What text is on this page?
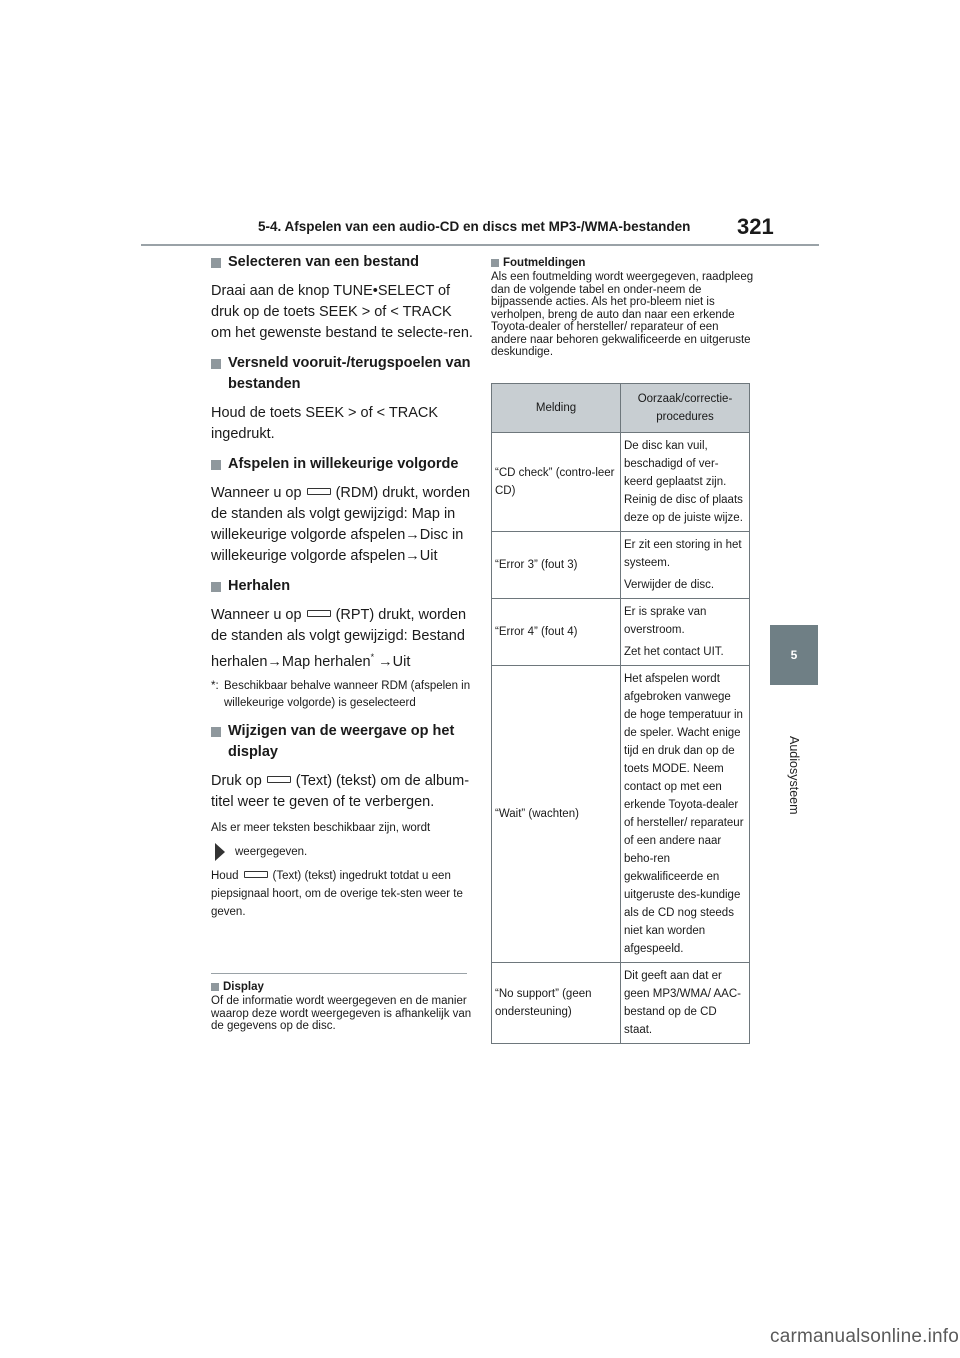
5-4. Afspelen van een audio-CD en discs met MP3-/WMA-bestanden 321
5
Audiosysteem
Selecteren van een bestand
Draai aan de knop TUNE•SELECT of druk op de toets SEEK > of < TRACK om het gewenste bestand te selecte-ren.
Versneld vooruit-/terugspoelen van bestanden
Houd de toets SEEK > of < TRACK ingedrukt.
Afspelen in willekeurige volgorde
Wanneer u op (RDM) drukt, worden de standen als volgt gewijzigd: Map in willekeurige volgorde afspelen→Disc in willekeurige volgorde afspelen→Uit
Herhalen
Wanneer u op (RPT) drukt, worden de standen als volgt gewijzigd: Bestand herhalen→Map herhalen* →Uit
*: Beschikbaar behalve wanneer RDM (afspelen in willekeurige volgorde) is geselecteerd
Wijzigen van de weergave op het display
Druk op (Text) (tekst) om de album-titel weer te geven of te verbergen.
Als er meer teksten beschikbaar zijn, wordt
weergegeven.
Houd	(Text) (tekst) ingedrukt totdat u een piepsignaal hoort, om de overige tek-sten weer te geven.
Display
Of de informatie wordt weergegeven en de manier waarop deze wordt weergegeven is afhankelijk van de gegevens op de disc.
Foutmeldingen
Als een foutmelding wordt weergegeven, raadpleeg dan de volgende tabel en onder-neem de bijpassende acties. Als het pro-bleem niet is verholpen, breng de auto dan naar een erkende Toyota-dealer of hersteller/ reparateur of een andere naar behoren gekwalificeerde en uitgeruste deskundige.
Melding	Oorzaak/correctie-procedures
“CD check” (contro-leer CD)	De disc kan vuil, beschadigd of ver-keerd geplaatst zijn. Reinig de disc of plaats deze op de juiste wijze.

“Error 3” (fout 3)	Er zit een storing in het systeem.

Verwijder de disc.

“Error 4” (fout 4)	Er is sprake van overstroom.

Zet het contact UIT.

“Wait” (wachten)	Het afspelen wordt afgebroken vanwege de hoge temperatuur in de speler. Wacht enige tijd en druk dan op de toets MODE. Neem contact op met een erkende Toyota-dealer of hersteller/ reparateur of een andere naar beho-ren gekwalificeerde en uitgeruste des-kundige als de CD nog steeds niet kan worden afgespeeld.

“No support” (geen ondersteuning)	Dit geeft aan dat er geen MP3/WMA/ AAC-bestand op de CD staat.

carmanualsonline.info
